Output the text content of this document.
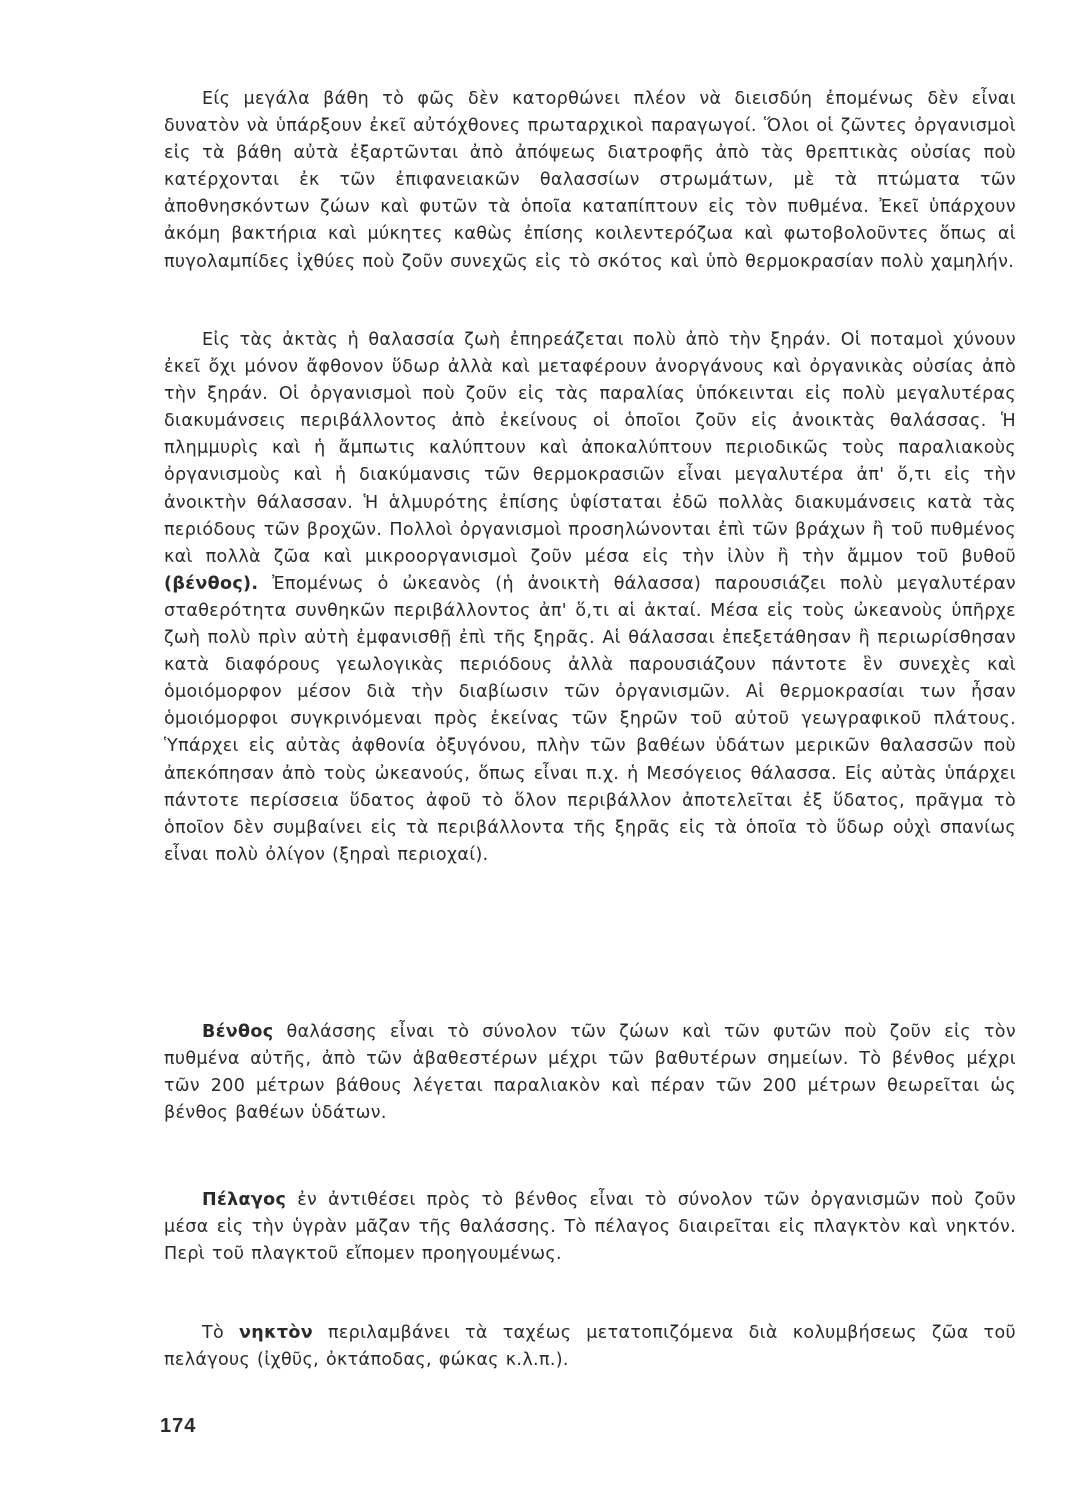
Είς μεγάλα βάθη τὸ φῶς δὲν κατορθώνει πλέον νὰ διεισδύη ἐπομένως δὲν εἶναι δυνατὸν νὰ ὑπάρξουν ἐκεῖ αὐτόχθονες πρωταρχικοὶ παραγωγοί. Ὅλοι οἱ ζῶντες ὀργανισμοὶ εἰς τὰ βάθη αὐτὰ ἐξαρτῶνται ἀπὸ ἀπόψεως διατροφῆς ἀπὸ τὰς θρεπτικὰς οὐσίας ποὺ κατέρχονται ἐκ τῶν ἐπιφανειακῶν θαλασσίων στρωμάτων, μὲ τὰ πτώματα τῶν ἀποθνησκόντων ζώων καὶ φυτῶν τὰ ὁποῖα καταπίπτουν εἰς τὸν πυθμένα. Ἐκεῖ ὑπάρχουν ἀκόμη βακτήρια καὶ μύκητες καθὼς ἐπίσης κοιλεντερόζωα καὶ φωτοβολοῦντες ὅπως αἱ πυγολαμπίδες ἰχθύες ποὺ ζοῦν συνεχῶς εἰς τὸ σκότος καὶ ὑπὸ θερμοκρασίαν πολὺ χαμηλήν.

Εἰς τὰς ἀκτὰς ἡ θαλασσία ζωὴ ἐπηρεάζεται πολὺ ἀπὸ τὴν ξηράν. Οἱ ποταμοὶ χύνουν ἐκεῖ ὄχι μόνον ἄφθονον ὕδωρ ἀλλὰ καὶ μεταφέρουν ἀνοργάνους καὶ ὀργανικὰς οὐσίας ἀπὸ τὴν ξηράν. Οἱ ὀργανισμοὶ ποὺ ζοῦν εἰς τὰς παραλίας ὑπόκεινται εἰς πολὺ μεγαλυτέρας διακυμάνσεις περιβάλλοντος ἀπὸ ἐκείνους οἱ ὁποῖοι ζοῦν εἰς ἀνοικτὰς θαλάσσας. Ἡ πλημμυρὶς καὶ ἡ ἄμπωτις καλύπτουν καὶ ἀποκαλύπτουν περιοδικῶς τοὺς παραλιακοὺς ὀργανισμοὺς καὶ ἡ διακύμανσις τῶν θερμοκρασιῶν εἶναι μεγαλυτέρα ἀπ' ὅ,τι εἰς τὴν ἀνοικτὴν θάλασσαν. Ἡ ἁλμυρότης ἐπίσης ὑφίσταται ἐδῶ πολλὰς διακυμάνσεις κατὰ τὰς περιόδους τῶν βροχῶν. Πολλοὶ ὀργανισμοὶ προσηλώνονται ἐπὶ τῶν βράχων ἢ τοῦ πυθμένος καὶ πολλὰ ζῶα καὶ μικροοργανισμοὶ ζοῦν μέσα εἰς τὴν ἰλὺν ἢ τὴν ἄμμον τοῦ βυθοῦ (βένθος). Ἐπομένως ὁ ὠκεανὸς (ἡ ἀνοικτὴ θάλασσα) παρουσιάζει πολὺ μεγαλυτέραν σταθερότητα συνθηκῶν περιβάλλοντος ἀπ' ὅ,τι αἱ ἀκταί. Μέσα εἰς τοὺς ὠκεανοὺς ὑπῆρχε ζωὴ πολὺ πρὶν αὐτὴ ἐμφανισθῇ ἐπὶ τῆς ξηρᾶς. Αἱ θάλασσαι ἐπεξετάθησαν ἢ περιωρίσθησαν κατὰ διαφόρους γεωλογικὰς περιόδους ἀλλὰ παρουσιάζουν πάντοτε ἓν συνεχὲς καὶ ὁμοιόμορφον μέσον διὰ τὴν διαβίωσιν τῶν ὀργανισμῶν. Αἱ θερμοκρασίαι των ἦσαν ὁμοιόμορφοι συγκρινόμεναι πρὸς ἐκείνας τῶν ξηρῶν τοῦ αὐτοῦ γεωγραφικοῦ πλάτους. Ὑπάρχει εἰς αὐτὰς ἀφθονία ὀξυγόνου, πλὴν τῶν βαθέων ὑδάτων μερικῶν θαλασσῶν ποὺ ἀπεκόπησαν ἀπὸ τοὺς ὠκεανούς, ὅπως εἶναι π.χ. ἡ Μεσόγειος θάλασσα. Εἰς αὐτὰς ὑπάρχει πάντοτε περίσσεια ὕδατος ἀφοῦ τὸ ὅλον περιβάλλον ἀποτελεῖται ἐξ ὕδατος, πρᾶγμα τὸ ὁποῖον δὲν συμβαίνει εἰς τὰ περιβάλλοντα τῆς ξηρᾶς εἰς τὰ ὁποῖα τὸ ὕδωρ οὐχὶ σπανίως εἶναι πολὺ ὀλίγον (ξηραὶ περιοχαί).

Βένθος θαλάσσης εἶναι τὸ σύνολον τῶν ζώων καὶ τῶν φυτῶν ποὺ ζοῦν εἰς τὸν πυθμένα αὐτῆς, ἀπὸ τῶν ἀβαθεστέρων μέχρι τῶν βαθυτέρων σημείων. Τὸ βένθος μέχρι τῶν 200 μέτρων βάθους λέγεται παραλιακὸν καὶ πέραν τῶν 200 μέτρων θεωρεῖται ὡς βένθος βαθέων ὑδάτων.

Πέλαγος ἐν ἀντιθέσει πρὸς τὸ βένθος εἶναι τὸ σύνολον τῶν ὀργανισμῶν ποὺ ζοῦν μέσα εἰς τὴν ὑγρὰν μᾶζαν τῆς θαλάσσης. Τὸ πέλαγος διαιρεῖται εἰς πλαγκτὸν καὶ νηκτόν. Περὶ τοῦ πλαγκτοῦ εἴπομεν προηγουμένως.

Τὸ νηκτὸν περιλαμβάνει τὰ ταχέως μετατοπιζόμενα διὰ κολυμβήσεως ζῶα τοῦ πελάγους (ἰχθῦς, ὀκτάποδας, φώκας κ.λ.π.).

174
